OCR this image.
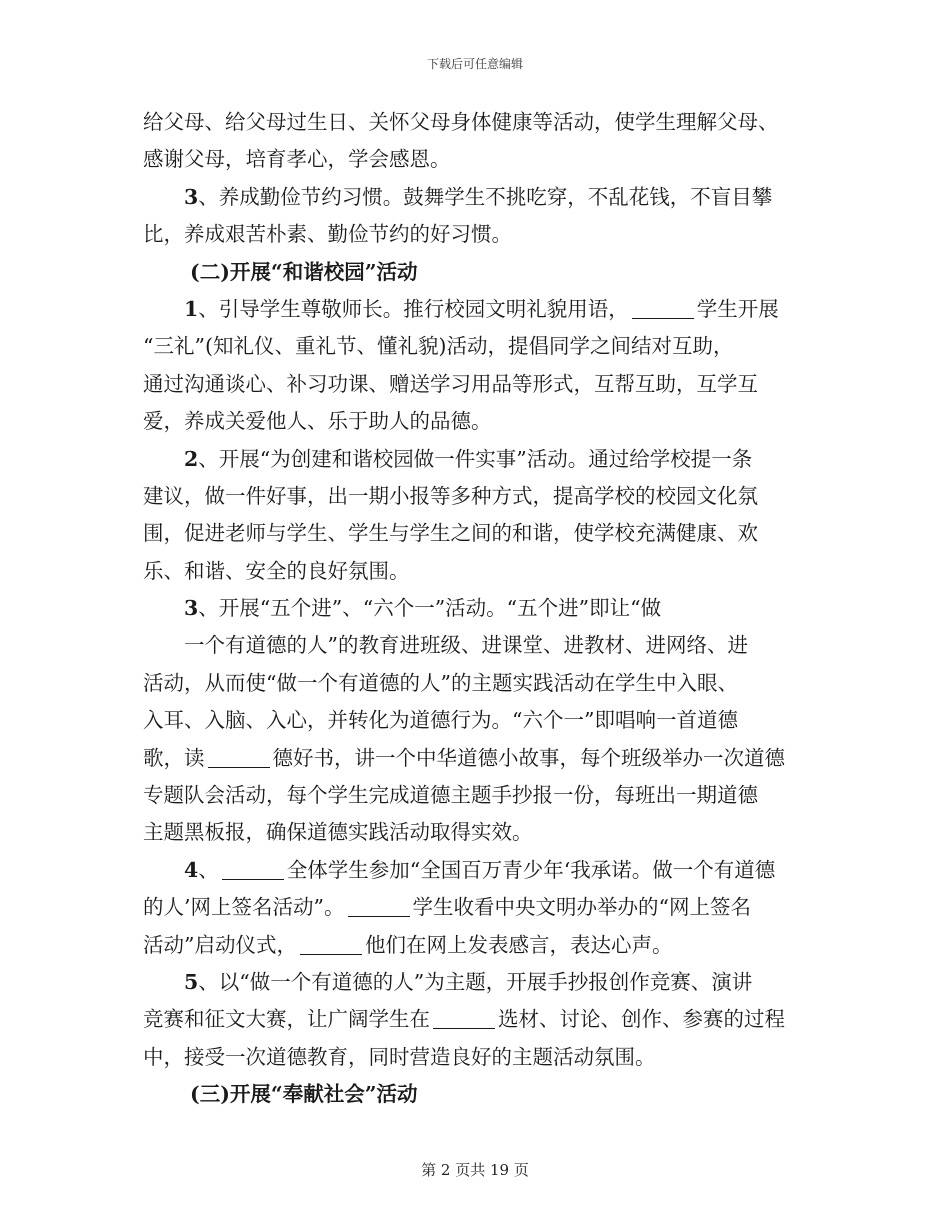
下载后可任意编辑
给父母、给父母过生日、关怀父母身体健康等活动，使学生理解父母、
感谢父母，培育孝心，学会感恩。
3、养成勤俭节约习惯。鼓舞学生不挑吃穿，不乱花钱，不盲目攀
比，养成艰苦朴素、勤俭节约的好习惯。
(二)开展“和谐校园”活动
1、引导学生尊敬师长。推行校园文明礼貌用语，	学生开展
“三礼”(知礼仪、重礼节、懂礼貌)活动，提倡同学之间结对互助，
通过沟通谈心、补习功课、赠送学习用品等形式，互帮互助，互学互
爱，养成关爱他人、乐于助人的品德。
2、开展“为创建和谐校园做一件实事”活动。通过给学校提一条
建议，做一件好事，出一期小报等多种方式，提高学校的校园文化氛
围，促进老师与学生、学生与学生之间的和谐，使学校充满健康、欢
乐、和谐、安全的良好氛围。
3、开展“五个进”、“六个一”活动。“五个进”即让“做
一个有道德的人”的教育进班级、进课堂、进教材、进网络、进
活动，从而使“做一个有道德的人”的主题实践活动在学生中入眼、
入耳、入脑、入心，并转化为道德行为。“六个一”即唱响一首道德
歌，读	德好书，讲一个中华道德小故事，每个班级举办一次道德
专题队会活动，每个学生完成道德主题手抄报一份，每班出一期道德
主题黑板报，确保道德实践活动取得实效。
4、	全体学生参加“全国百万青少年‘我承诺。做一个有道德
的人’网上签名活动”。	学生收看中央文明办举办的“网上签名
活动”启动仪式，	他们在网上发表感言，表达心声。
5、以“做一个有道德的人”为主题，开展手抄报创作竞赛、演讲
竞赛和征文大赛，让广阔学生在	选材、讨论、创作、参赛的过程
中，接受一次道德教育，同时营造良好的主题活动氛围。
(三)开展“奉献社会”活动
第 2 页共 19 页
